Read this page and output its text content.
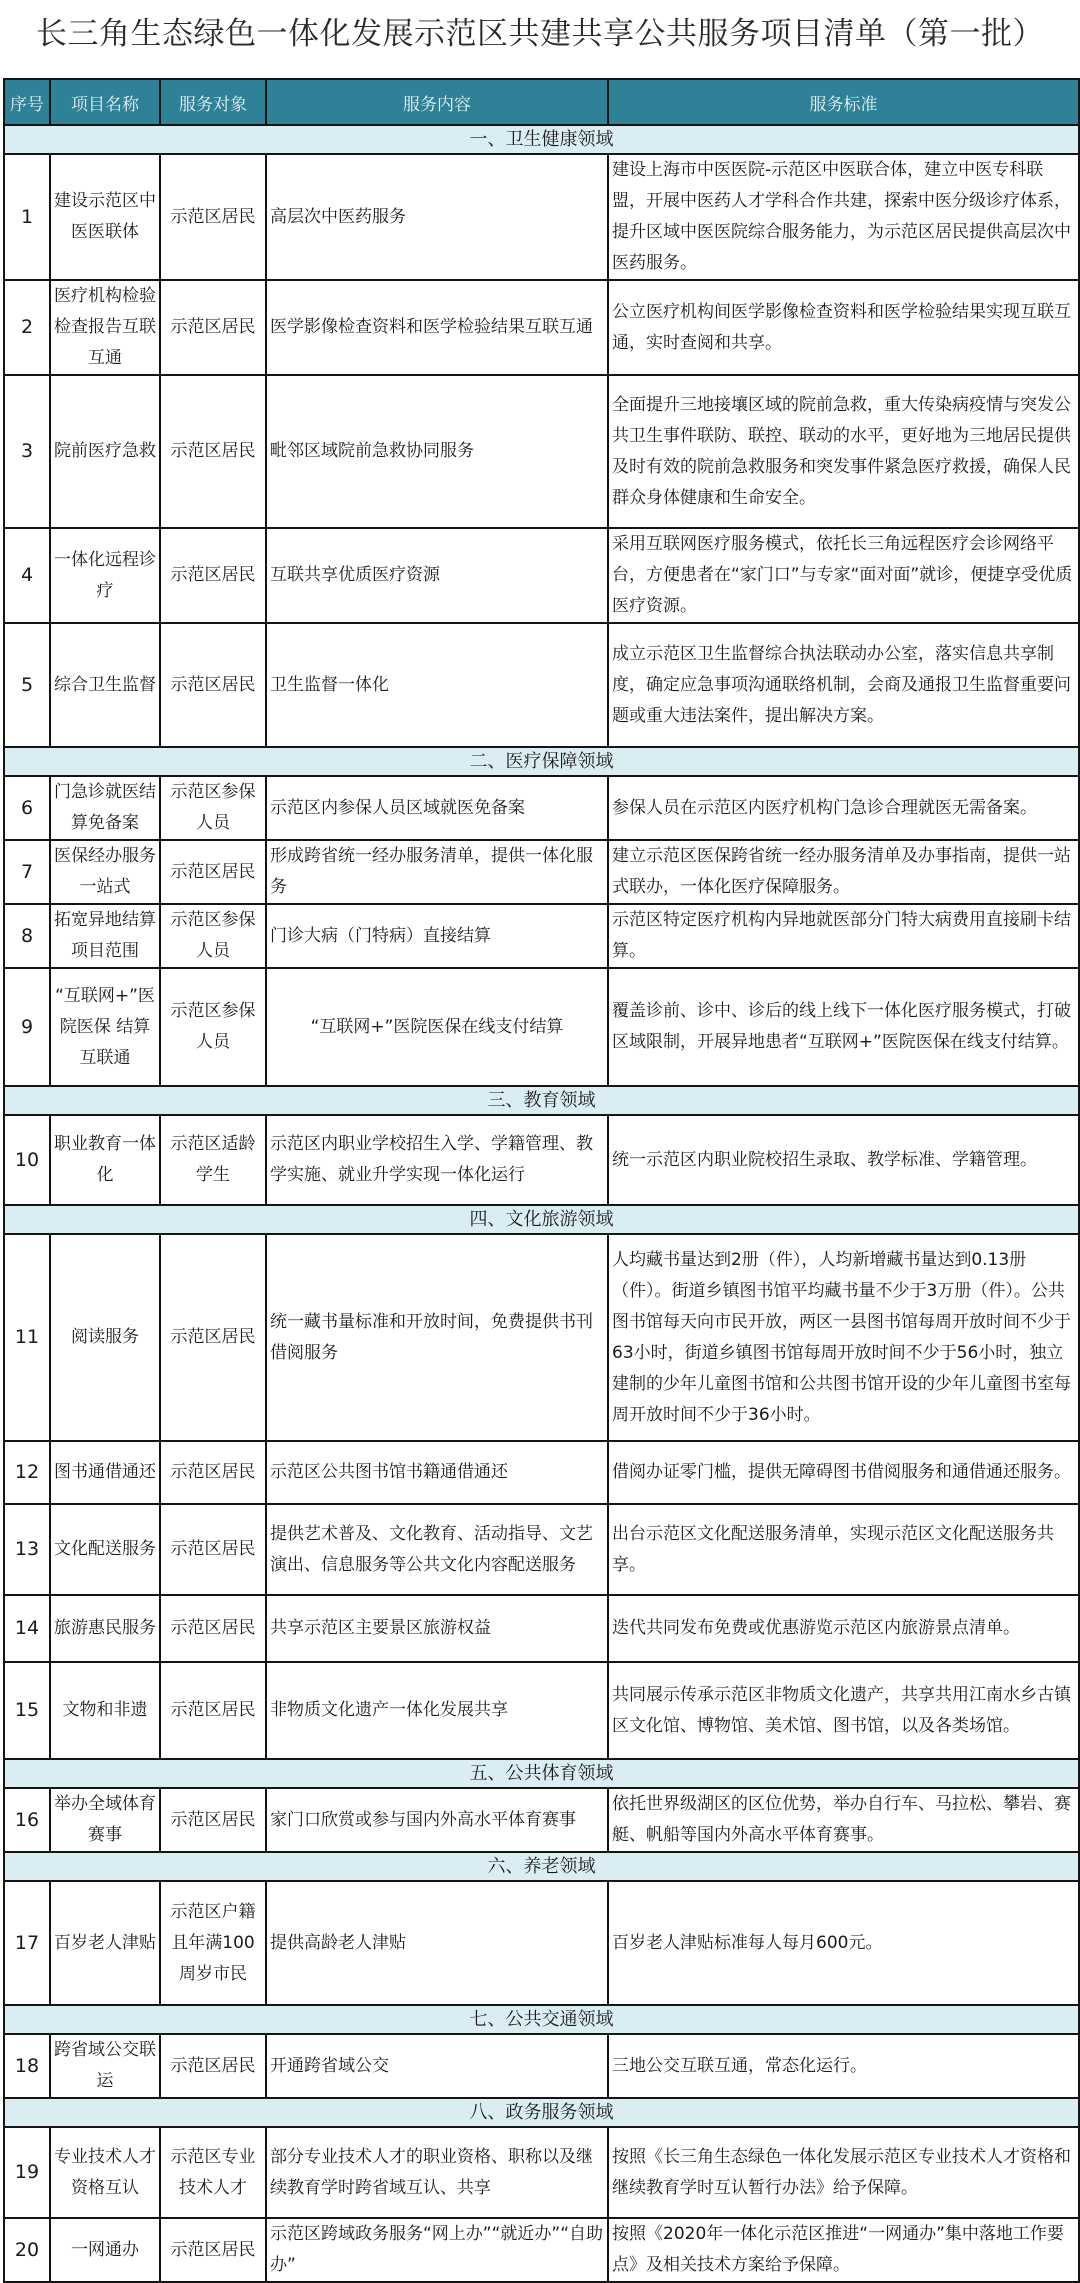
长三角生态绿色一体化发展示范区共建共享公共服务项目清单（第一批）
序号	项目名称	服务对象	服务内容	服务标准
一、卫生健康领域				
1	建设示范区中医医联体	示范区居民	高层次中医药服务	建设上海市中医医院-示范区中医联合体，建立中医专科联盟，开展中医药人才学科合作共建，探索中医分级诊疗体系，提升区域中医医院综合服务能力，为示范区居民提供高层次中医药服务。
2	医疗机构检验检查报告互联互通	示范区居民	医学影像检查资料和医学检验结果互联互通	公立医疗机构间医学影像检查资料和医学检验结果实现互联互通，实时查阅和共享。
3	院前医疗急救	示范区居民	毗邻区域院前急救协同服务	全面提升三地接壤区域的院前急救，重大传染病疫情与突发公共卫生事件联防、联控、联动的水平，更好地为三地居民提供及时有效的院前急救服务和突发事件紧急医疗救援，确保人民群众身体健康和生命安全。
4	一体化远程诊疗	示范区居民	互联共享优质医疗资源	采用互联网医疗服务模式，依托长三角远程医疗会诊网络平台，方便患者在“家门口”与专家“面对面”就诊，便捷享受优质医疗资源。
5	综合卫生监督	示范区居民	卫生监督一体化	成立示范区卫生监督综合执法联动办公室，落实信息共享制度，确定应急事项沟通联络机制，会商及通报卫生监督重要问题或重大违法案件，提出解决方案。
二、医疗保障领域				
6	门急诊就医结算免备案	示范区参保人员	示范区内参保人员区域就医免备案	参保人员在示范区内医疗机构门急诊合理就医无需备案。
7	医保经办服务一站式	示范区居民	形成跨省统一经办服务清单，提供一体化服务	建立示范区医保跨省统一经办服务清单及办事指南，提供一站式联办，一体化医疗保障服务。
8	拓宽异地结算项目范围	示范区参保人员	门诊大病（门特病）直接结算	示范区特定医疗机构内异地就医部分门特大病费用直接刷卡结算。
9	“互联网+”医院医保 结算互联通	示范区参保人员	“互联网+”医院医保在线支付结算	覆盖诊前、诊中、诊后的线上线下一体化医疗服务模式，打破区域限制，开展异地患者“互联网+”医院医保在线支付结算。
三、教育领域				
10	职业教育一体化	示范区适龄学生	示范区内职业学校招生入学、学籍管理、教学实施、就业升学实现一体化运行	统一示范区内职业院校招生录取、教学标准、学籍管理。
四、文化旅游领域				
11	阅读服务	示范区居民	统一藏书量标准和开放时间，免费提供书刊借阅服务	人均藏书量达到2册（件），人均新增藏书量达到0.13册（件）。街道乡镇图书馆平均藏书量不少于3万册（件）。公共图书馆每天向市民开放，两区一县图书馆每周开放时间不少于63小时，街道乡镇图书馆每周开放时间不少于56小时，独立建制的少年儿童图书馆和公共图书馆开设的少年儿童图书室每周开放时间不少于36小时。
12	图书通借通还	示范区居民	示范区公共图书馆书籍通借通还	借阅办证零门槛，提供无障碍图书借阅服务和通借通还服务。
13	文化配送服务	示范区居民	提供艺术普及、文化教育、活动指导、文艺演出、信息服务等公共文化内容配送服务	出台示范区文化配送服务清单，实现示范区文化配送服务共享。
14	旅游惠民服务	示范区居民	共享示范区主要景区旅游权益	迭代共同发布免费或优惠游览示范区内旅游景点清单。
15	文物和非遗	示范区居民	非物质文化遗产一体化发展共享	共同展示传承示范区非物质文化遗产，共享共用江南水乡古镇区文化馆、博物馆、美术馆、图书馆，以及各类场馆。
五、公共体育领域				
16	举办全域体育赛事	示范区居民	家门口欣赏或参与国内外高水平体育赛事	依托世界级湖区的区位优势，举办自行车、马拉松、攀岩、赛艇、帆船等国内外高水平体育赛事。
六、养老领域				
17	百岁老人津贴	示范区户籍且年满100周岁市民	提供高龄老人津贴	百岁老人津贴标准每人每月600元。
七、公共交通领域				
18	跨省域公交联运	示范区居民	开通跨省域公交	三地公交互联互通，常态化运行。
八、政务服务领域				
19	专业技术人才资格互认	示范区专业技术人才	部分专业技术人才的职业资格、职称以及继续教育学时跨省域互认、共享	按照《长三角生态绿色一体化发展示范区专业技术人才资格和继续教育学时互认暂行办法》给予保障。
20	一网通办	示范区居民	示范区跨域政务服务“网上办”“就近办”“自助办”	按照《2020年一体化示范区推进“一网通办”集中落地工作要点》及相关技术方案给予保障。
